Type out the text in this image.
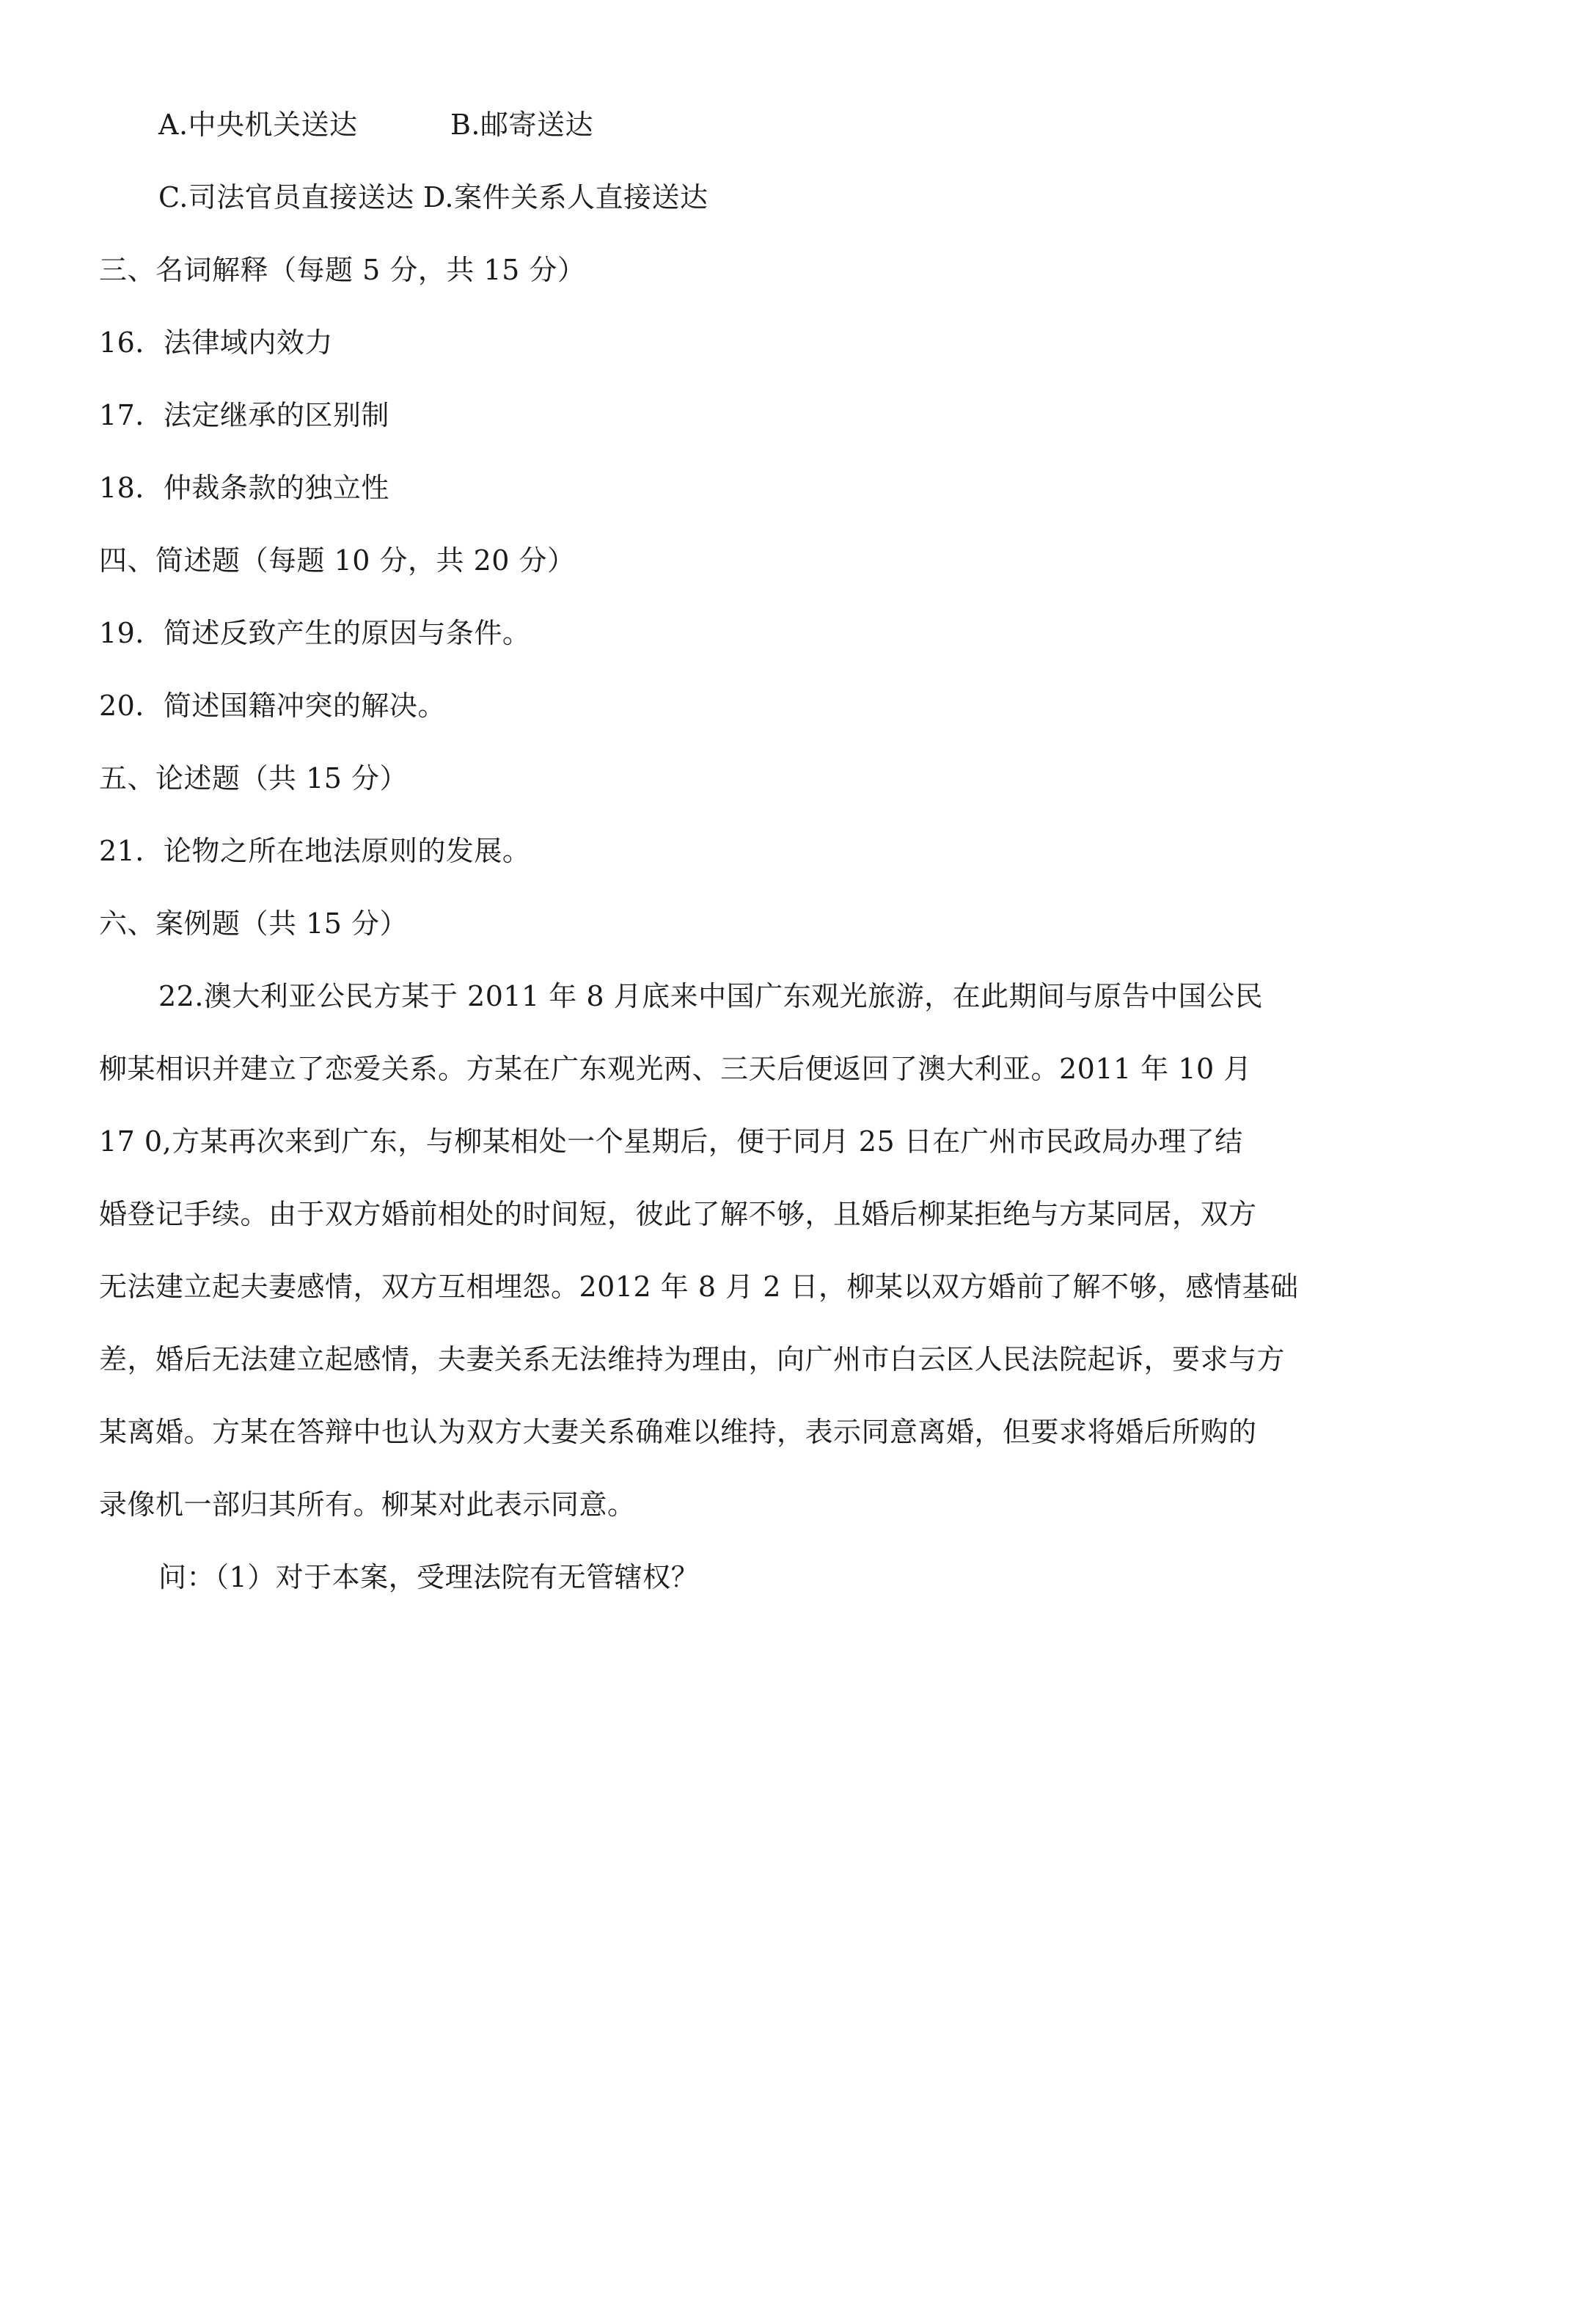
A.中央机关送达	B.邮寄送达
C.司法官员直接送达 D.案件关系人直接送达
三、名词解释（每题 5 分，共 15 分）
16．法律域内效力
17．法定继承的区别制
18．仲裁条款的独立性
四、简述题（每题 10 分，共 20 分）
19．简述反致产生的原因与条件。
20．简述国籍冲突的解决。
五、论述题（共 15 分）
21．论物之所在地法原则的发展。
六、案例题（共 15 分）
22.澳大利亚公民方某于 2011 年 8 月底来中国广东观光旅游，在此期间与原告中国公民
柳某相识并建立了恋爱关系。方某在广东观光两、三天后便返回了澳大利亚。2011 年 10 月
17 0,方某再次来到广东，与柳某相处一个星期后，便于同月 25 日在广州市民政局办理了结
婚登记手续。由于双方婚前相处的时间短，彼此了解不够，且婚后柳某拒绝与方某同居，双方
无法建立起夫妻感情，双方互相埋怨。2012 年 8 月 2 日，柳某以双方婚前了解不够，感情基础
差，婚后无法建立起感情，夫妻关系无法维持为理由，向广州市白云区人民法院起诉，要求与方
某离婚。方某在答辩中也认为双方大妻关系确难以维持，表示同意离婚，但要求将婚后所购的
录像机一部归其所有。柳某对此表示同意。
问：（1）对于本案，受理法院有无管辖权？
